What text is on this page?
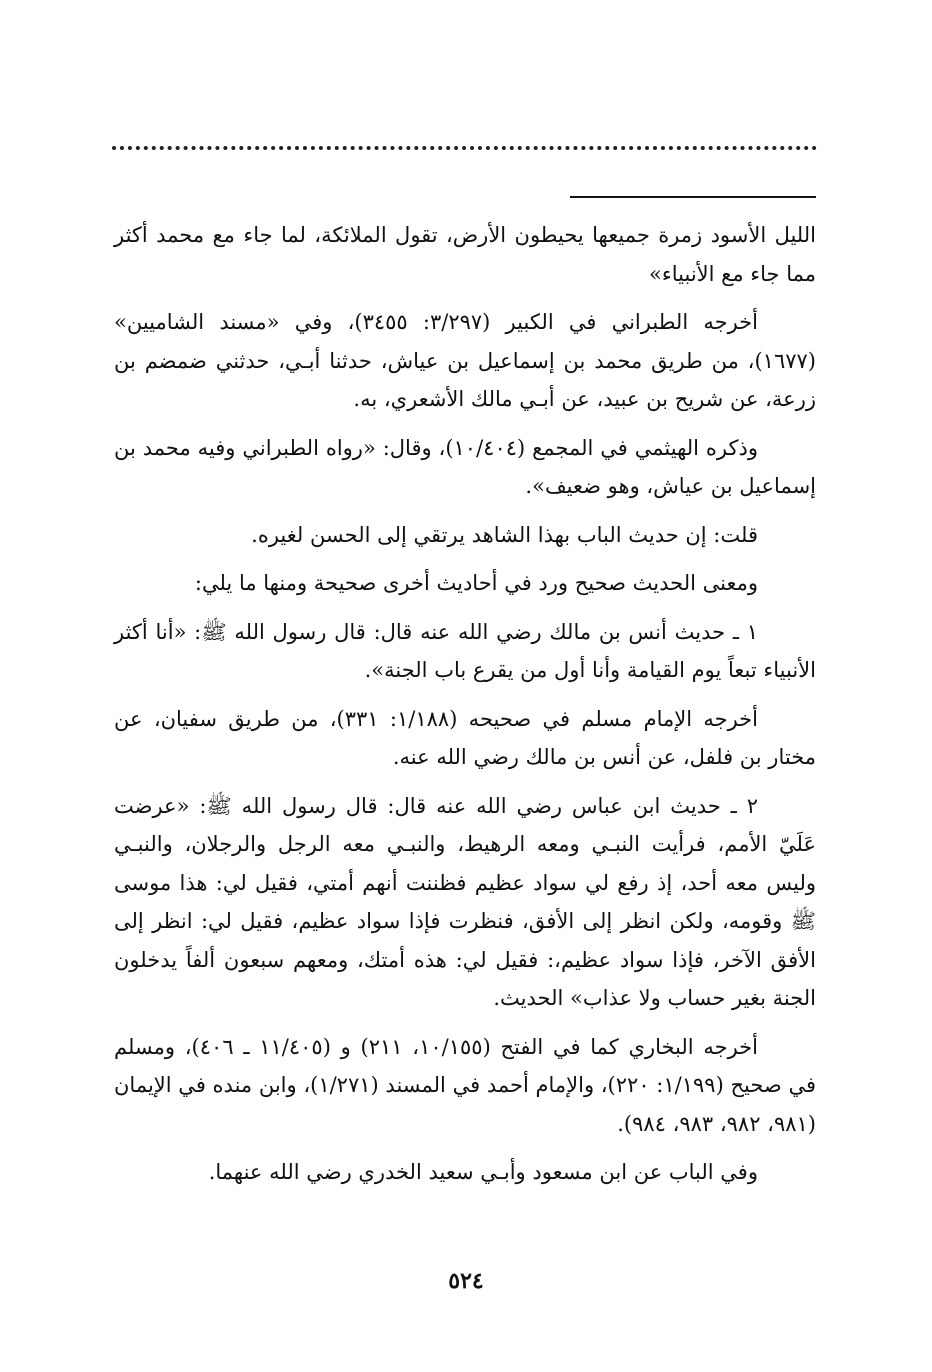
الليل الأسود زمرة جميعها يحيطون الأرض، تقول الملائكة، لما جاء مع محمد أكثر مما جاء مع الأنبياء»

أخرجه الطبراني في الكبير (٣/٢٩٧: ٣٤٥٥)، وفي «مسند الشاميين» (١٦٧٧)، من طريق محمد بن إسماعيل بن عياش، حدثنا أبـي، حدثني ضمضم بن زرعة، عن شريح بن عبيد، عن أبـي مالك الأشعري، به.

وذكره الهيثمي في المجمع (١٠/٤٠٤)، وقال: «رواه الطبراني وفيه محمد بن إسماعيل بن عياش، وهو ضعيف».

قلت: إن حديث الباب بهذا الشاهد يرتقي إلى الحسن لغيره.

ومعنى الحديث صحيح ورد في أحاديث أخرى صحيحة ومنها ما يلي:

١ ـ حديث أنس بن مالك رضي الله عنه قال: قال رسول الله ﷺ: «أنا أكثر الأنبياء تبعاً يوم القيامة وأنا أول من يقرع باب الجنة».

أخرجه الإمام مسلم في صحيحه (١/١٨٨: ٣٣١)، من طريق سفيان، عن مختار بن فلفل، عن أنس بن مالك رضي الله عنه.

٢ ـ حديث ابن عباس رضي الله عنه قال: قال رسول الله ﷺ: «عرضت عَلَيّ الأمم، فرأيت النبـي ومعه الرهيط، والنبـي معه الرجل والرجلان، والنبـي وليس معه أحد، إذ رفع لي سواد عظيم فظننت أنهم أمتي، فقيل لي: هذا موسى ﷺ وقومه، ولكن انظر إلى الأفق، فنظرت فإذا سواد عظيم، فقيل لي: انظر إلى الأفق الآخر، فإذا سواد عظيم،: فقيل لي: هذه أمتك، ومعهم سبعون ألفاً يدخلون الجنة بغير حساب ولا عذاب» الحديث.

أخرجه البخاري كما في الفتح (١٠/١٥٥، ٢١١) و (١١/٤٠٥ ـ ٤٠٦)، ومسلم في صحيح (١/١٩٩: ٢٢٠)، والإمام أحمد في المسند (١/٢٧١)، وابن منده في الإيمان (٩٨١، ٩٨٢، ٩٨٣، ٩٨٤).

وفي الباب عن ابن مسعود وأبـي سعيد الخدري رضي الله عنهما.

٥٢٤
